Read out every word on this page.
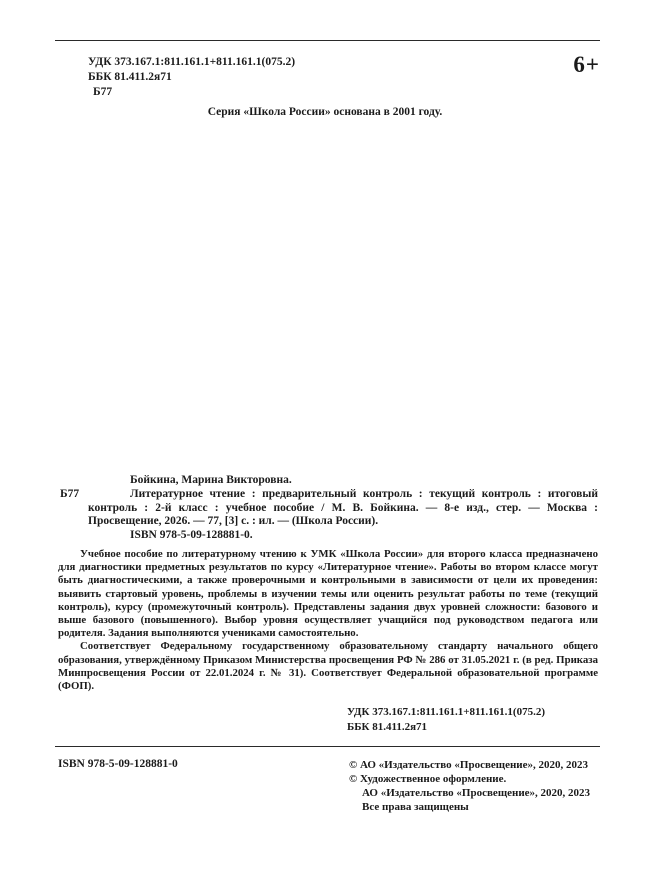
УДК 373.167.1:811.161.1+811.161.1(075.2)
ББК 81.411.2я71
Б77
6+
Серия «Школа России» основана в 2001 году.
Б77

Бойкина, Марина Викторовна.

Литературное чтение : предварительный контроль : текущий контроль : итоговый контроль : 2-й класс : учебное пособие / М. В. Бойкина. — 8-е изд., стер. — Москва : Просвещение, 2026. — 77, [3] с. : ил. — (Школа России).

ISBN 978-5-09-128881-0.

Учебное пособие по литературному чтению к УМК «Школа России» для второго класса предназначено для диагностики предметных результатов по курсу «Литературное чтение». Работы во втором классе могут быть диагностическими, а также проверочными и контрольными в зависимости от цели их проведения: выявить стартовый уровень, проблемы в изучении темы или оценить результат работы по теме (текущий контроль), курсу (промежуточный контроль). Представлены задания двух уровней сложности: базового и выше базового (повышенного). Выбор уровня осуществляет учащийся под руководством педагога или родителя. Задания выполняются учениками самостоятельно.

Соответствует Федеральному государственному образовательному стандарту начального общего образования, утверждённому Приказом Министерства просвещения РФ № 286 от 31.05.2021 г. (в ред. Приказа Минпросвещения России от 22.01.2024 г. № 31). Соответствует Федеральной образовательной программе (ФОП).

УДК 373.167.1:811.161.1+811.161.1(075.2)
ББК 81.411.2я71
ISBN 978-5-09-128881-0	© АО «Издательство «Просвещение», 2020, 2023
© Художественное оформление.
АО «Издательство «Просвещение», 2020, 2023
Все права защищены
